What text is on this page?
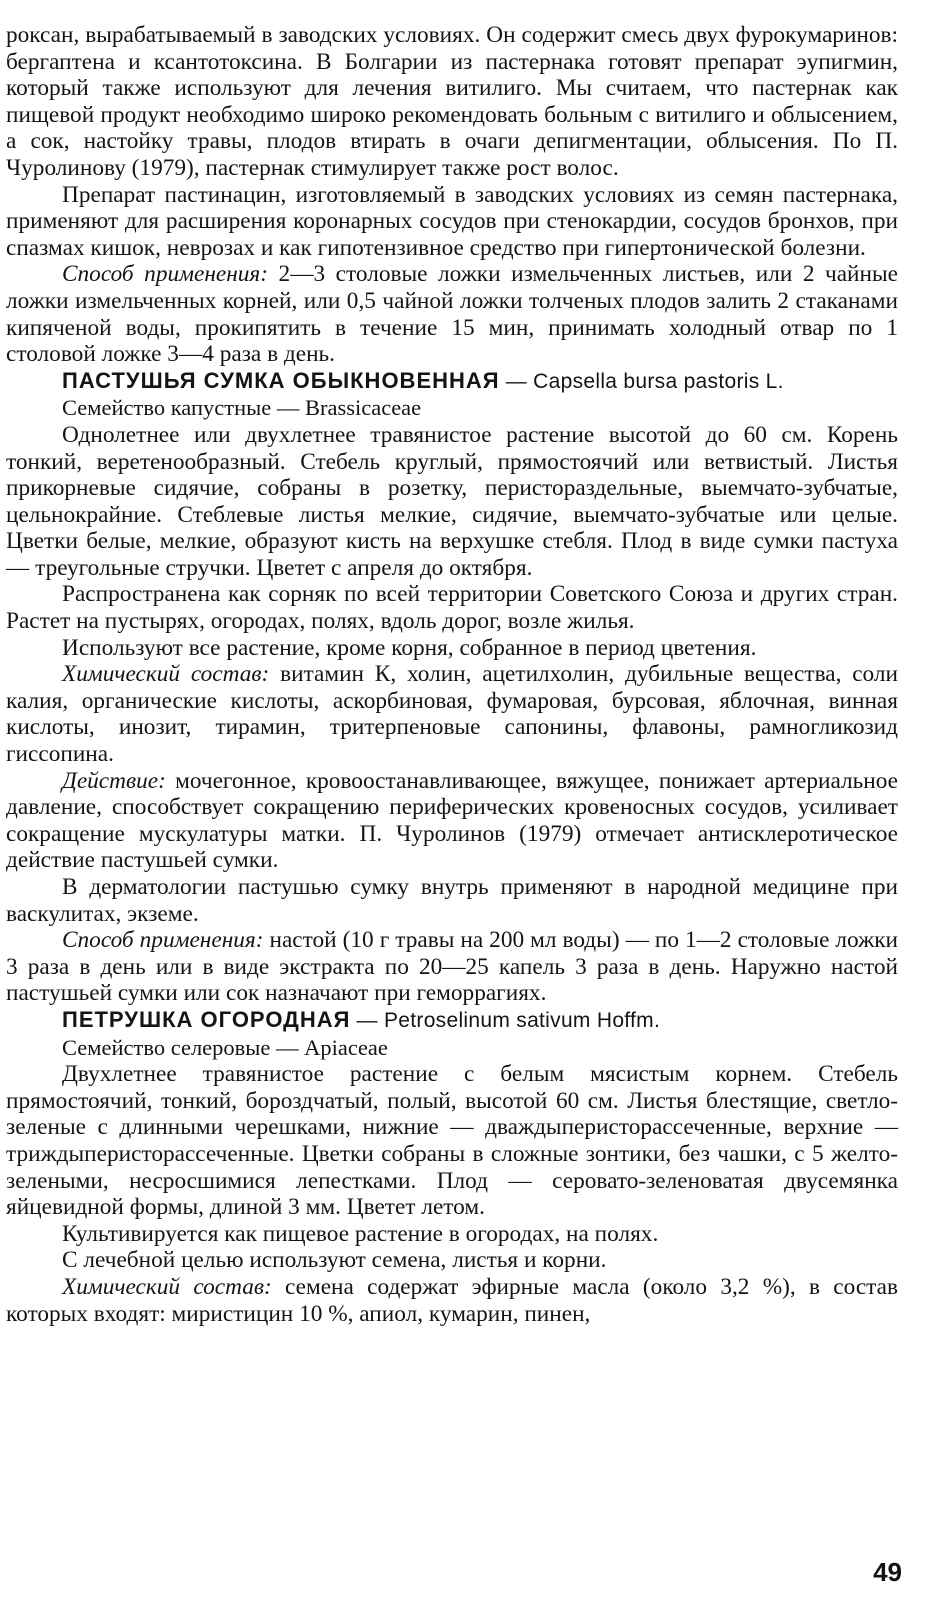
роксан, вырабатываемый в заводских условиях. Он содержит смесь двух фурокумаринов: бергаптена и ксантотоксина. В Болгарии из пастернака готовят препарат эупигмин, который также используют для лечения витилиго. Мы считаем, что пастернак как пищевой продукт необходимо широко рекомендовать больным с витилиго и облысением, а сок, настойку травы, плодов втирать в очаги депигментации, облысения. По П. Чуролинову (1979), пастернак стимулирует также рост волос.

Препарат пастинацин, изготовляемый в заводских условиях из семян пастернака, применяют для расширения коронарных сосудов при стенокардии, сосудов бронхов, при спазмах кишок, неврозах и как гипотензивное средство при гипертонической болезни.

Способ применения: 2—3 столовые ложки измельченных листьев, или 2 чайные ложки измельченных корней, или 0,5 чайной ложки толченых плодов залить 2 стаканами кипяченой воды, прокипятить в течение 15 мин, принимать холодный отвар по 1 столовой ложке 3—4 раза в день.

ПАСТУШЬЯ СУМКА ОБЫКНОВЕННАЯ — Capsella bursa pastoris L.

Семейство капустные — Brassicaceae

Однолетнее или двухлетнее травянистое растение высотой до 60 см. Корень тонкий, веретенообразный. Стебель круглый, прямостоячий или ветвистый. Листья прикорневые сидячие, собраны в розетку, перистораздельные, выемчато-зубчатые, цельнокрайние. Стеблевые листья мелкие, сидячие, выемчато-зубчатые или целые. Цветки белые, мелкие, образуют кисть на верхушке стебля. Плод в виде сумки пастуха — треугольные стручки. Цветет с апреля до октября.

Распространена как сорняк по всей территории Советского Союза и других стран. Растет на пустырях, огородах, полях, вдоль дорог, возле жилья.

Используют все растение, кроме корня, собранное в период цветения.

Химический состав: витамин К, холин, ацетилхолин, дубильные вещества, соли калия, органические кислоты, аскорбиновая, фумаровая, бурсовая, яблочная, винная кислоты, инозит, тирамин, тритерпеновые сапонины, флавоны, рамногликозид гиссопина.

Действие: мочегонное, кровоостанавливающее, вяжущее, понижает артериальное давление, способствует сокращению периферических кровеносных сосудов, усиливает сокращение мускулатуры матки. П. Чуролинов (1979) отмечает антисклеротическое действие пастушьей сумки.

В дерматологии пастушью сумку внутрь применяют в народной медицине при васкулитах, экземе.

Способ применения: настой (10 г травы на 200 мл воды) — по 1—2 столовые ложки 3 раза в день или в виде экстракта по 20—25 капель 3 раза в день. Наружно настой пастушьей сумки или сок назначают при геморрагиях.

ПЕТРУШКА ОГОРОДНАЯ — Petroselinum sativum Hoffm.

Семейство селеровые — Apiaceae

Двухлетнее травянистое растение с белым мясистым корнем. Стебель прямостоячий, тонкий, бороздчатый, полый, высотой 60 см. Листья блестящие, светло-зеленые с длинными черешками, нижние — дваждыперисторассеченные, верхние — триждыперисторассеченные. Цветки собраны в сложные зонтики, без чашки, с 5 желто-зелеными, несросшимися лепестками. Плод — серовато-зеленоватая двусемянка яйцевидной формы, длиной 3 мм. Цветет летом.

Культивируется как пищевое растение в огородах, на полях.

С лечебной целью используют семена, листья и корни.

Химический состав: семена содержат эфирные масла (около 3,2 %), в состав которых входят: миристицин 10 %, апиол, кумарин, пинен,

49
